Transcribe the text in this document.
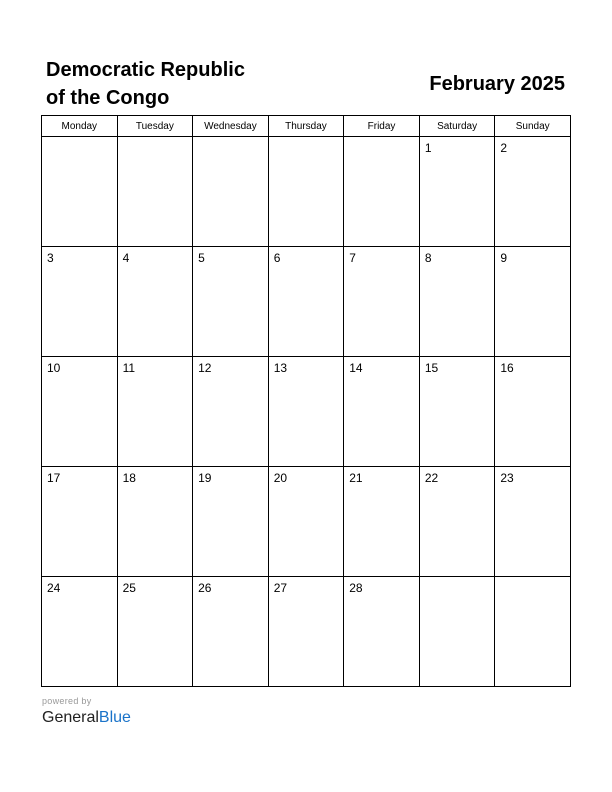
Democratic Republic
of the Congo
February 2025
Monday	Tuesday	Wednesday	Thursday	Friday	Saturday	Sunday

					1	2

3	4	5	6	7	8	9

10	11	12	13	14	15	16

17	18	19	20	21	22	23

24	25	26	27	28		

powered by
GeneralBlue
